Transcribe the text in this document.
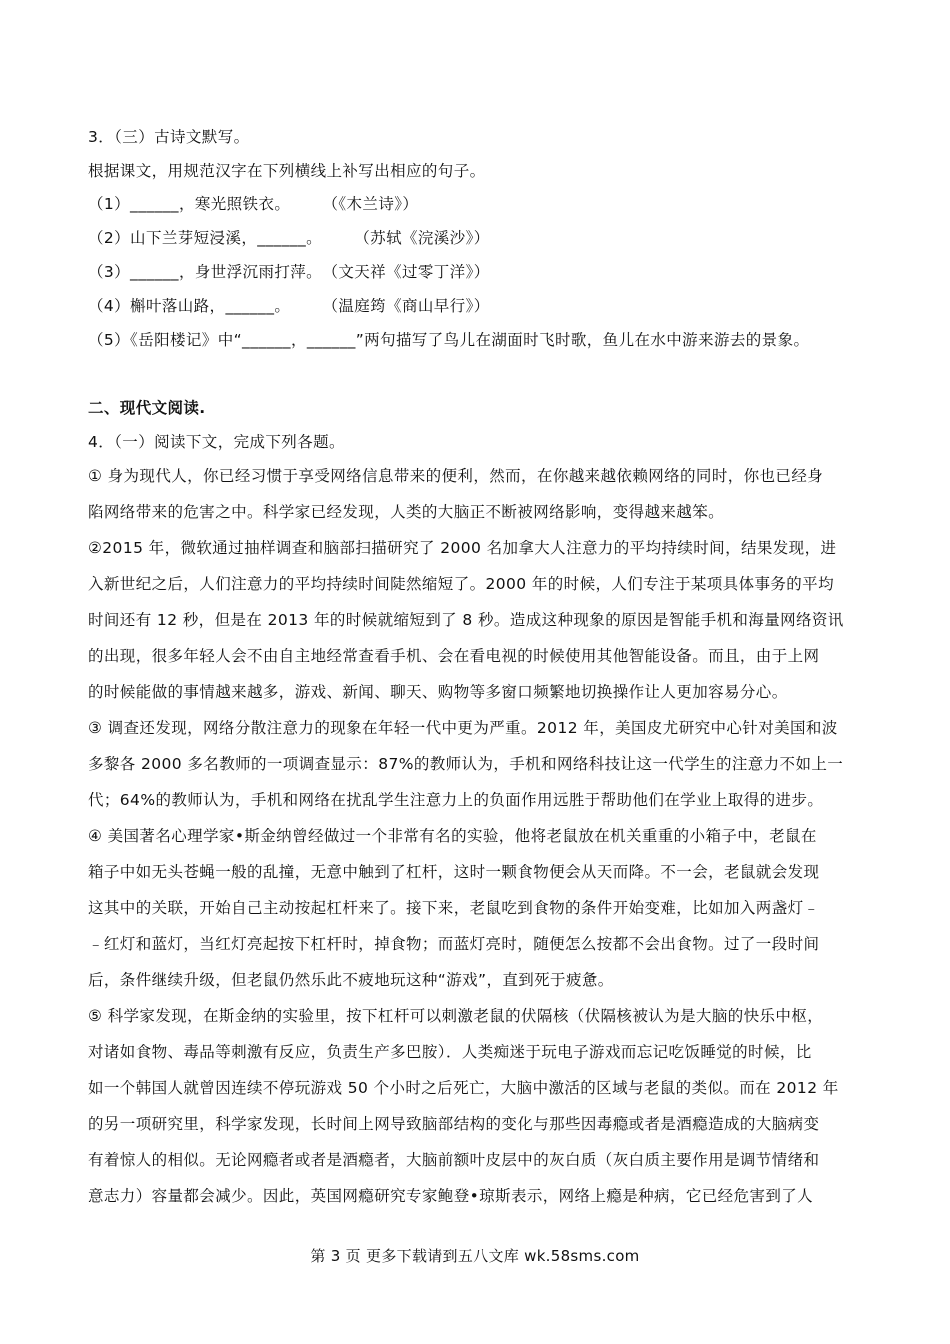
3．（三）古诗文默写。
根据课文，用规范汉字在下列横线上补写出相应的句子。
（1）______，寒光照铁衣。　　　（《木兰诗》）
（2）山下兰芽短浸溪，______。　　　（苏轼《浣溪沙》）
（3）______，身世浮沉雨打萍。　（文天祥《过零丁洋》）
（4）槲叶落山路，______。　　　（温庭筠《商山早行》）
（5）《岳阳楼记》中“______，______”两句描写了鸟儿在湖面时飞时歌，鱼儿在水中游来游去的景象。
二、现代文阅读.
4．（一）阅读下文，完成下列各题。
① 身为现代人，你已经习惯于享受网络信息带来的便利，然而，在你越来越依赖网络的同时，你也已经身
陷网络带来的危害之中。科学家已经发现，人类的大脑正不断被网络影响，变得越来越笨。
②2015 年，微软通过抽样调查和脑部扫描研究了 2000 名加拿大人注意力的平均持续时间，结果发现，进
入新世纪之后，人们注意力的平均持续时间陡然缩短了。2000 年的时候，人们专注于某项具体事务的平均
时间还有 12 秒，但是在 2013 年的时候就缩短到了 8 秒。造成这种现象的原因是智能手机和海量网络资讯
的出现，很多年轻人会不由自主地经常查看手机、会在看电视的时候使用其他智能设备。而且，由于上网
的时候能做的事情越来越多，游戏、新闻、聊天、购物等多窗口频繁地切换操作让人更加容易分心。
③ 调查还发现，网络分散注意力的现象在年轻一代中更为严重。2012 年，美国皮尤研究中心针对美国和波
多黎各 2000 多名教师的一项调查显示：87%的教师认为，手机和网络科技让这一代学生的注意力不如上一
代；64%的教师认为，手机和网络在扰乱学生注意力上的负面作用远胜于帮助他们在学业上取得的进步。
④ 美国著名心理学家•斯金纳曾经做过一个非常有名的实验，他将老鼠放在机关重重的小箱子中，老鼠在
箱子中如无头苍蝇一般的乱撞，无意中触到了杠杆，这时一颗食物便会从天而降。不一会，老鼠就会发现
这其中的关联，开始自己主动按起杠杆来了。接下来，老鼠吃到食物的条件开始变难，比如加入两盏灯﹣
﹣红灯和蓝灯，当红灯亮起按下杠杆时，掉食物；而蓝灯亮时，随便怎么按都不会出食物。过了一段时间
后，条件继续升级，但老鼠仍然乐此不疲地玩这种“游戏”，直到死于疲惫。
⑤ 科学家发现，在斯金纳的实验里，按下杠杆可以刺激老鼠的伏隔核（伏隔核被认为是大脑的快乐中枢，
对诸如食物、毒品等刺激有反应，负责生产多巴胺）．人类痴迷于玩电子游戏而忘记吃饭睡觉的时候，比
如一个韩国人就曾因连续不停玩游戏 50 个小时之后死亡，大脑中激活的区域与老鼠的类似。而在 2012 年
的另一项研究里，科学家发现，长时间上网导致脑部结构的变化与那些因毒瘾或者是酒瘾造成的大脑病变
有着惊人的相似。无论网瘾者或者是酒瘾者，大脑前额叶皮层中的灰白质（灰白质主要作用是调节情绪和
意志力）容量都会减少。因此，英国网瘾研究专家鲍登•琼斯表示，网络上瘾是种病，它已经危害到了人
第 3 页 更多下载请到五八文库 wk.58sms.com
